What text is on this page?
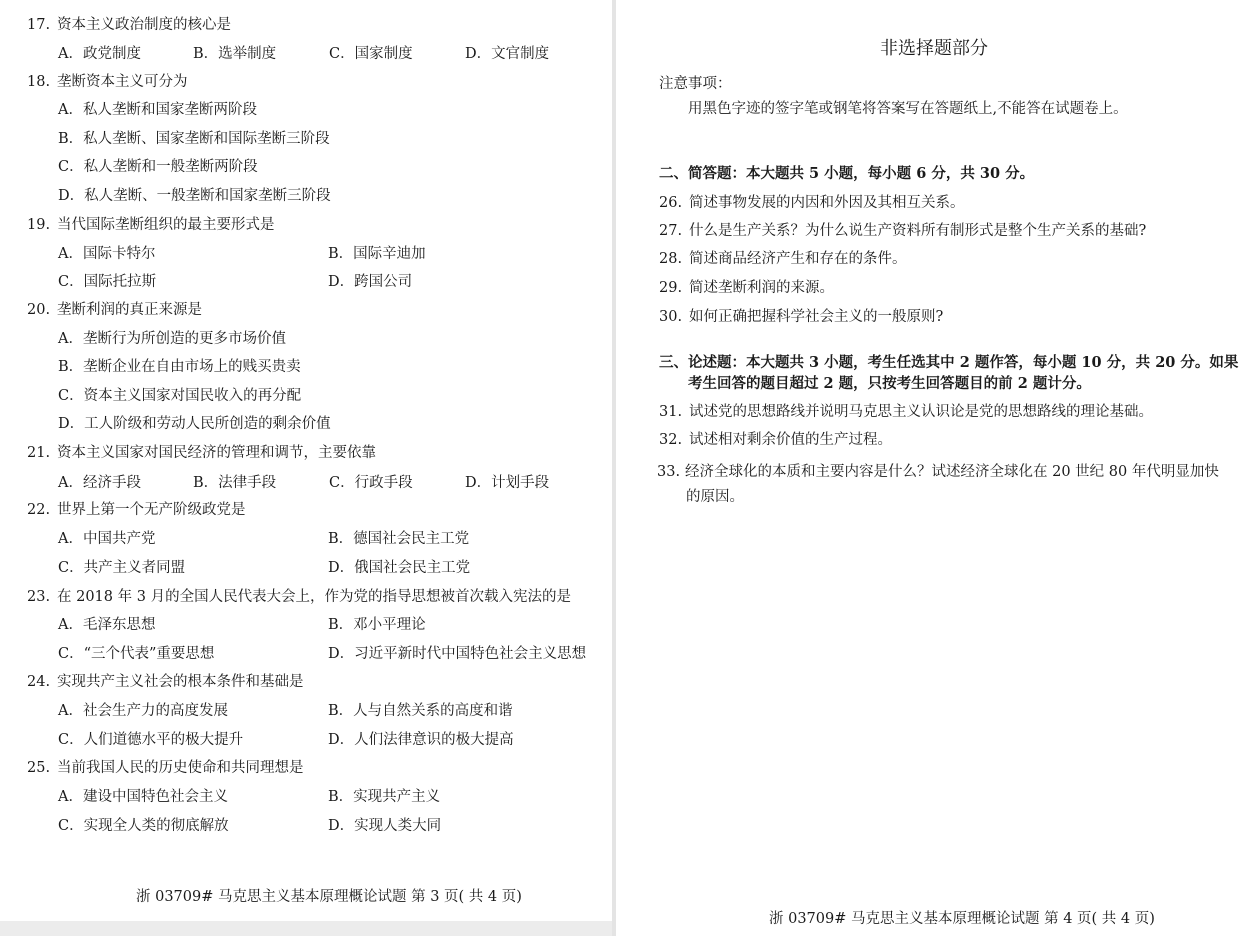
17. 资本主义政治制度的核心是
A．政党制度	B．选举制度	C．国家制度	D．文官制度
18. 垄断资本主义可分为
A．私人垄断和国家垄断两阶段
B．私人垄断、国家垄断和国际垄断三阶段
C．私人垄断和一般垄断两阶段
D．私人垄断、一般垄断和国家垄断三阶段
19. 当代国际垄断组织的最主要形式是
A．国际卡特尔	B．国际辛迪加
C．国际托拉斯	D．跨国公司
20. 垄断利润的真正来源是
A．垄断行为所创造的更多市场价值
B．垄断企业在自由市场上的贱买贵卖
C．资本主义国家对国民收入的再分配
D．工人阶级和劳动人民所创造的剩余价值
21. 资本主义国家对国民经济的管理和调节，主要依靠
A．经济手段	B．法律手段	C．行政手段	D．计划手段
22. 世界上第一个无产阶级政党是
A．中国共产党	B．德国社会民主工党
C．共产主义者同盟	D．俄国社会民主工党
23. 在 2018 年 3 月的全国人民代表大会上，作为党的指导思想被首次载入宪法的是
A．毛泽东思想	B．邓小平理论
C．“三个代表”重要思想	D．习近平新时代中国特色社会主义思想
24. 实现共产主义社会的根本条件和基础是
A．社会生产力的高度发展	B．人与自然关系的高度和谐
C．人们道德水平的极大提升	D．人们法律意识的极大提高
25. 当前我国人民的历史使命和共同理想是
A．建设中国特色社会主义	B．实现共产主义
C．实现全人类的彻底解放	D．实现人类大同
浙 03709# 马克思主义基本原理概论试题 第 3 页( 共 4 页)
非选择题部分
注意事项：
用黑色字迹的签字笔或钢笔将答案写在答题纸上,不能答在试题卷上。
二、简答题：本大题共 5 小题，每小题 6 分，共 30 分。
26. 简述事物发展的内因和外因及其相互关系。
27. 什么是生产关系？为什么说生产资料所有制形式是整个生产关系的基础?
28. 简述商品经济产生和存在的条件。
29. 简述垄断利润的来源。
30. 如何正确把握科学社会主义的一般原则?
三、论述题：本大题共 3 小题，考生任选其中 2 题作答，每小题 10 分，共 20 分。如果
考生回答的题目超过 2 题，只按考生回答题目的前 2 题计分。
31. 试述党的思想路线并说明马克思主义认识论是党的思想路线的理论基础。
32. 试述相对剩余价值的生产过程。
33. 经济全球化的本质和主要内容是什么？试述经济全球化在 20 世纪 80 年代明显加快
的原因。
浙 03709# 马克思主义基本原理概论试题 第 4 页( 共 4 页)
